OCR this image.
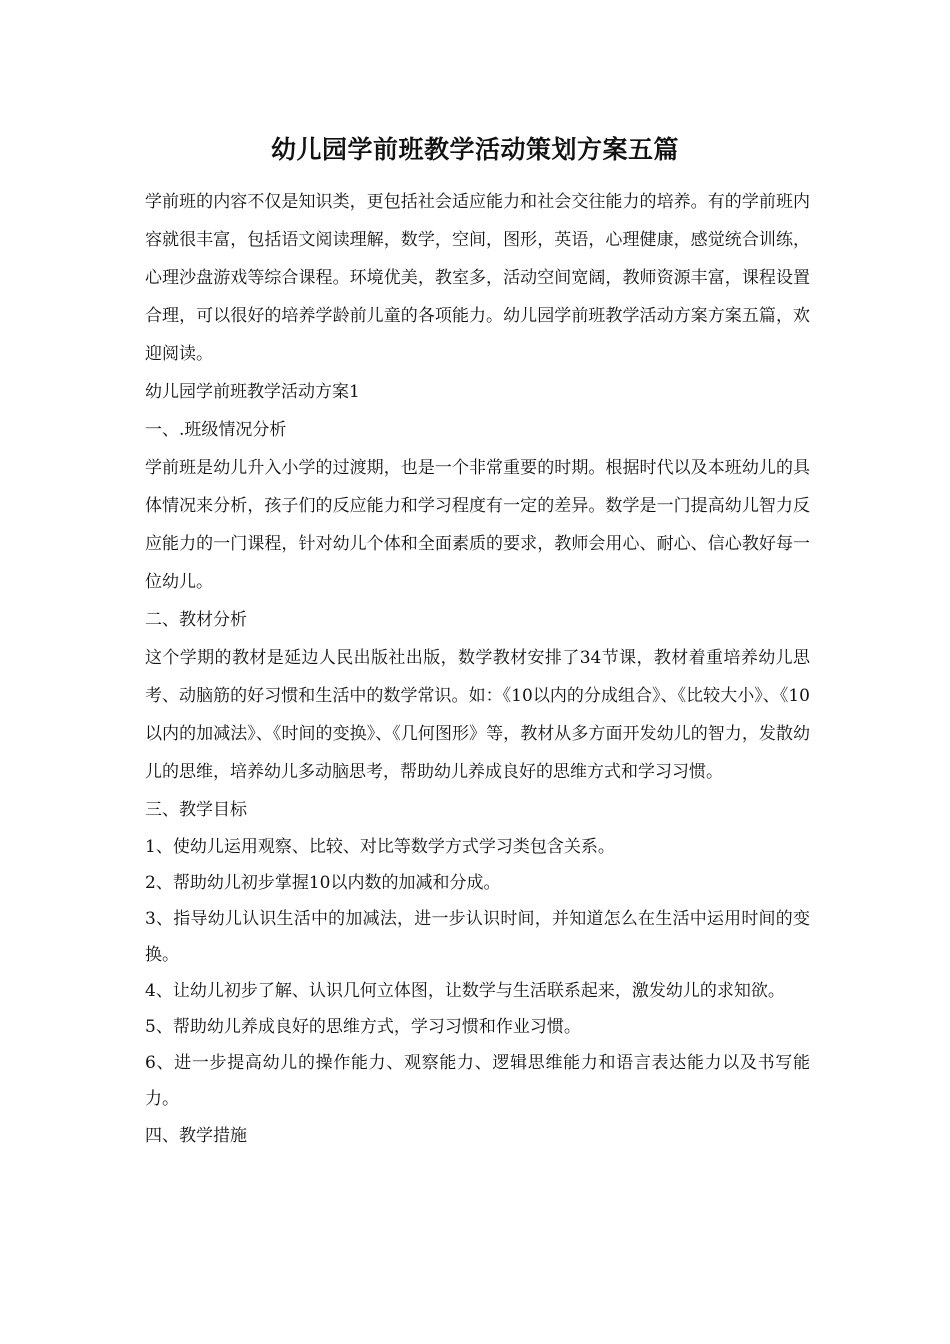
幼儿园学前班教学活动策划方案五篇

学前班的内容不仅是知识类，更包括社会适应能力和社会交往能力的培养。有的学前班内容就很丰富，包括语文阅读理解，数学，空间，图形，英语，心理健康，感觉统合训练，心理沙盘游戏等综合课程。环境优美，教室多，活动空间宽阔，教师资源丰富，课程设置合理，可以很好的培养学龄前儿童的各项能力。幼儿园学前班教学活动方案方案五篇，欢迎阅读。

幼儿园学前班教学活动方案1

一、.班级情况分析

学前班是幼儿升入小学的过渡期，也是一个非常重要的时期。根据时代以及本班幼儿的具体情况来分析，孩子们的反应能力和学习程度有一定的差异。数学是一门提高幼儿智力反应能力的一门课程，针对幼儿个体和全面素质的要求，教师会用心、耐心、信心教好每一位幼儿。

二、教材分析

这个学期的教材是延边人民出版社出版，数学教材安排了34节课，教材着重培养幼儿思考、动脑筋的好习惯和生活中的数学常识。如：《10以内的分成组合》、《比较大小》、《10以内的加减法》、《时间的变换》、《几何图形》等，教材从多方面开发幼儿的智力，发散幼儿的思维，培养幼儿多动脑思考，帮助幼儿养成良好的思维方式和学习习惯。

三、教学目标

1、使幼儿运用观察、比较、对比等数学方式学习类包含关系。

2、帮助幼儿初步掌握10以内数的加减和分成。

3、指导幼儿认识生活中的加减法，进一步认识时间，并知道怎么在生活中运用时间的变换。

4、让幼儿初步了解、认识几何立体图，让数学与生活联系起来，激发幼儿的求知欲。

5、帮助幼儿养成良好的思维方式，学习习惯和作业习惯。

6、进一步提高幼儿的操作能力、观察能力、逻辑思维能力和语言表达能力以及书写能力。

四、教学措施
